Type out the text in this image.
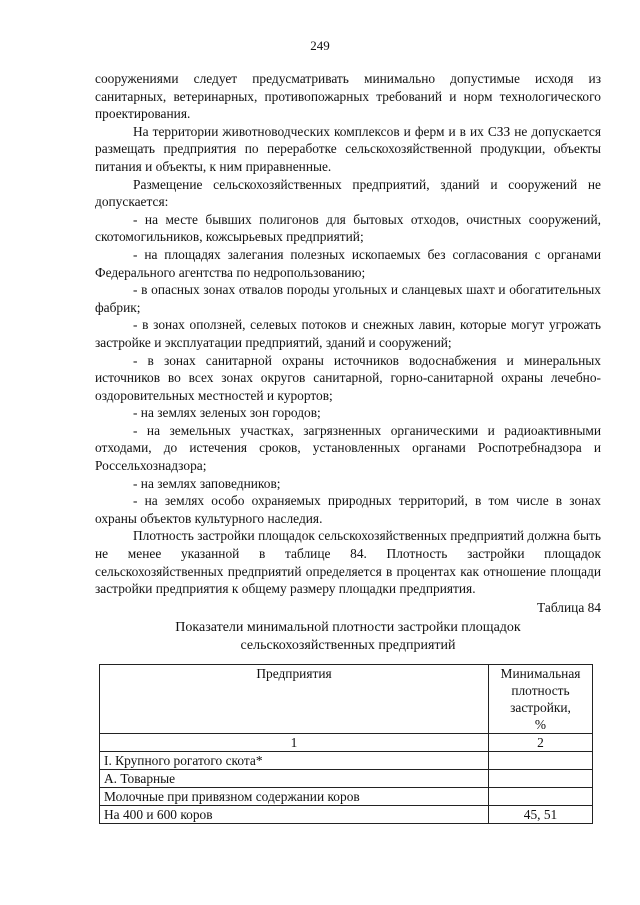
249

сооружениями следует предусматривать минимально допустимые исходя из санитарных, ветеринарных, противопожарных требований и норм технологического проектирования.

На территории животноводческих комплексов и ферм и в их СЗЗ не допускается размещать предприятия по переработке сельскохозяйственной продукции, объекты питания и объекты, к ним приравненные.

Размещение сельскохозяйственных предприятий, зданий и сооружений не допускается:

- на месте бывших полигонов для бытовых отходов, очистных сооружений, скотомогильников, кожсырьевых предприятий;

- на площадях залегания полезных ископаемых без согласования с органами Федерального агентства по недропользованию;

- в опасных зонах отвалов породы угольных и сланцевых шахт и обогатительных фабрик;

- в зонах оползней, селевых потоков и снежных лавин, которые могут угрожать застройке и эксплуатации предприятий, зданий и сооружений;

- в зонах санитарной охраны источников водоснабжения и минеральных источников во всех зонах округов санитарной, горно-санитарной охраны лечебно-оздоровительных местностей и курортов;

- на землях зеленых зон городов;

- на земельных участках, загрязненных органическими и радиоактивными отходами, до истечения сроков, установленных органами Роспотребнадзора и Россельхознадзора;

- на землях заповедников;

- на землях особо охраняемых природных территорий, в том числе в зонах охраны объектов культурного наследия.

Плотность застройки площадок сельскохозяйственных предприятий должна быть не менее указанной в таблице 84. Плотность застройки площадок сельскохозяйственных предприятий определяется в процентах как отношение площади застройки предприятия к общему размеру площадки предприятия.

Таблица 84
Показатели минимальной плотности застройки площадок
сельскохозяйственных предприятий
Предприятия	Минимальная
плотность
застройки,
%

1	2
I. Крупного рогатого скота*	
А. Товарные	
Молочные при привязном содержании коров	
На 400 и 600 коров	45, 51
